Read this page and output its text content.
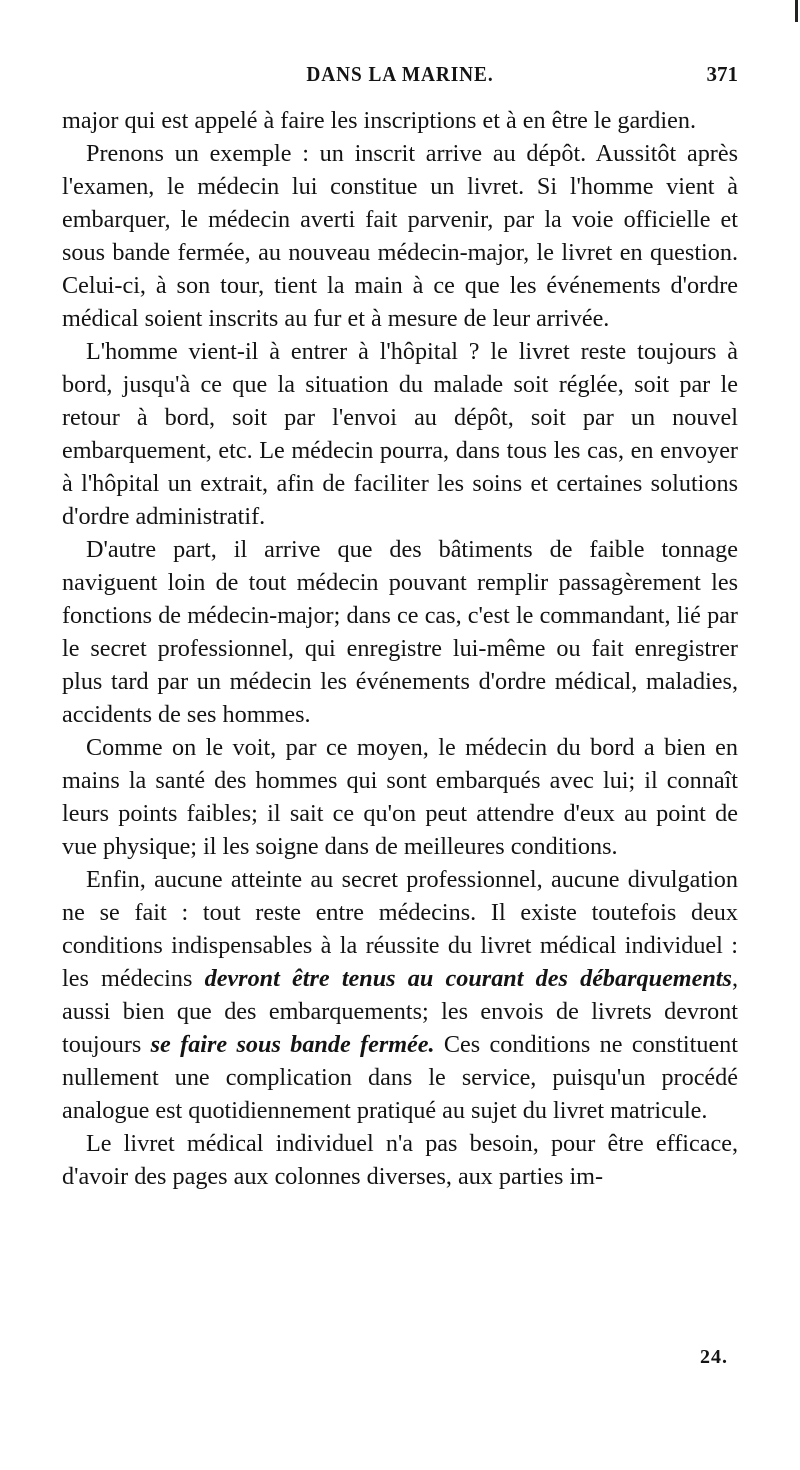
DANS LA MARINE.	371

major qui est appelé à faire les inscriptions et à en être le gardien.

Prenons un exemple : un inscrit arrive au dépôt. Aussitôt après l'examen, le médecin lui constitue un livret. Si l'homme vient à embarquer, le médecin averti fait parvenir, par la voie officielle et sous bande fermée, au nouveau médecin-major, le livret en question. Celui-ci, à son tour, tient la main à ce que les événements d'ordre médical soient inscrits au fur et à mesure de leur arrivée.

L'homme vient-il à entrer à l'hôpital ? le livret reste toujours à bord, jusqu'à ce que la situation du malade soit réglée, soit par le retour à bord, soit par l'envoi au dépôt, soit par un nouvel embarquement, etc. Le médecin pourra, dans tous les cas, en envoyer à l'hôpital un extrait, afin de faciliter les soins et certaines solutions d'ordre administratif.

D'autre part, il arrive que des bâtiments de faible tonnage naviguent loin de tout médecin pouvant remplir passagèrement les fonctions de médecin-major; dans ce cas, c'est le commandant, lié par le secret professionnel, qui enregistre lui-même ou fait enregistrer plus tard par un médecin les événements d'ordre médical, maladies, accidents de ses hommes.

Comme on le voit, par ce moyen, le médecin du bord a bien en mains la santé des hommes qui sont embarqués avec lui; il connaît leurs points faibles; il sait ce qu'on peut attendre d'eux au point de vue physique; il les soigne dans de meilleures conditions.

Enfin, aucune atteinte au secret professionnel, aucune divulgation ne se fait : tout reste entre médecins. Il existe toutefois deux conditions indispensables à la réussite du livret médical individuel : les médecins devront être tenus au courant des débarquements, aussi bien que des embarquements; les envois de livrets devront toujours se faire sous bande fermée. Ces conditions ne constituent nullement une complication dans le service, puisqu'un procédé analogue est quotidiennement pratiqué au sujet du livret matricule.

Le livret médical individuel n'a pas besoin, pour être efficace, d'avoir des pages aux colonnes diverses, aux parties im-

24.
